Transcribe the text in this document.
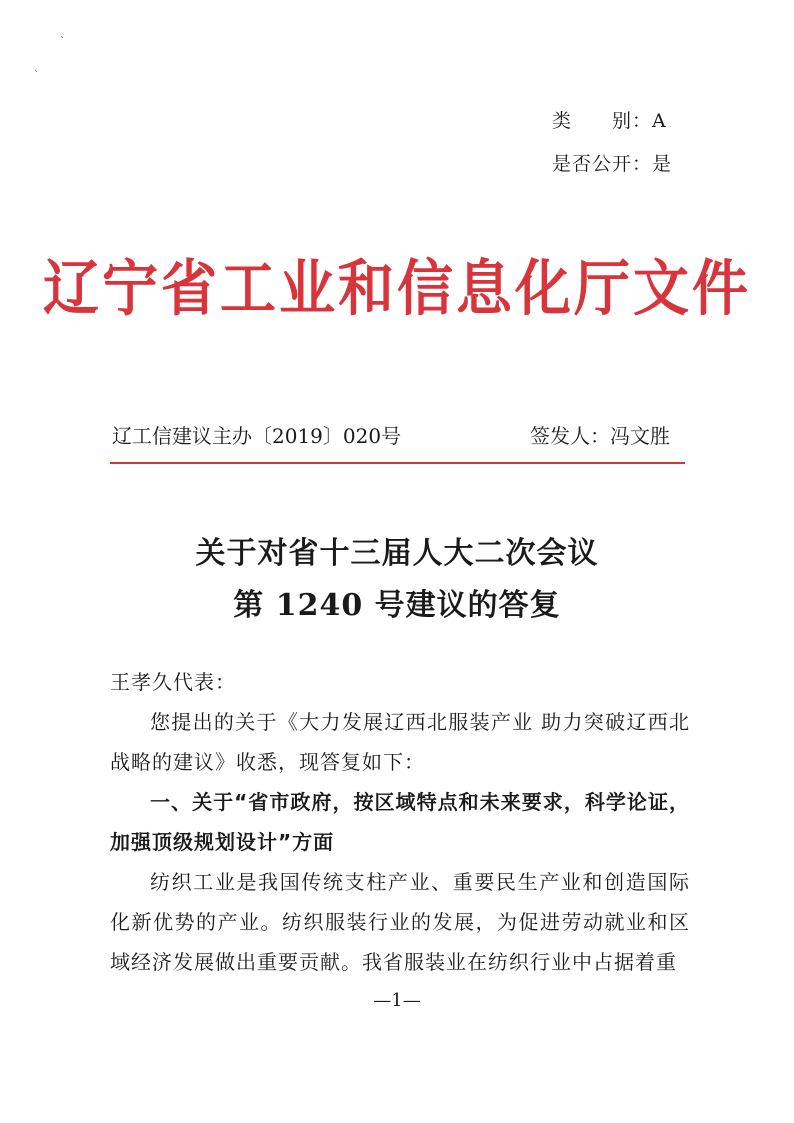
ˋ
ˋ
类　　别：A
是否公开：是
辽宁省工业和信息化厅文件
辽工信建议主办〔2019〕020号	签发人：冯文胜
关于对省十三届人大二次会议
第 1240 号建议的答复

王孝久代表：

您提出的关于《大力发展辽西北服装产业 助力突破辽西北战略的建议》收悉，现答复如下：

一、关于“省市政府，按区域特点和未来要求，科学论证，加强顶级规划设计”方面

纺织工业是我国传统支柱产业、重要民生产业和创造国际化新优势的产业。纺织服装行业的发展，为促进劳动就业和区域经济发展做出重要贡献。我省服装业在纺织行业中占据着重

—1—
